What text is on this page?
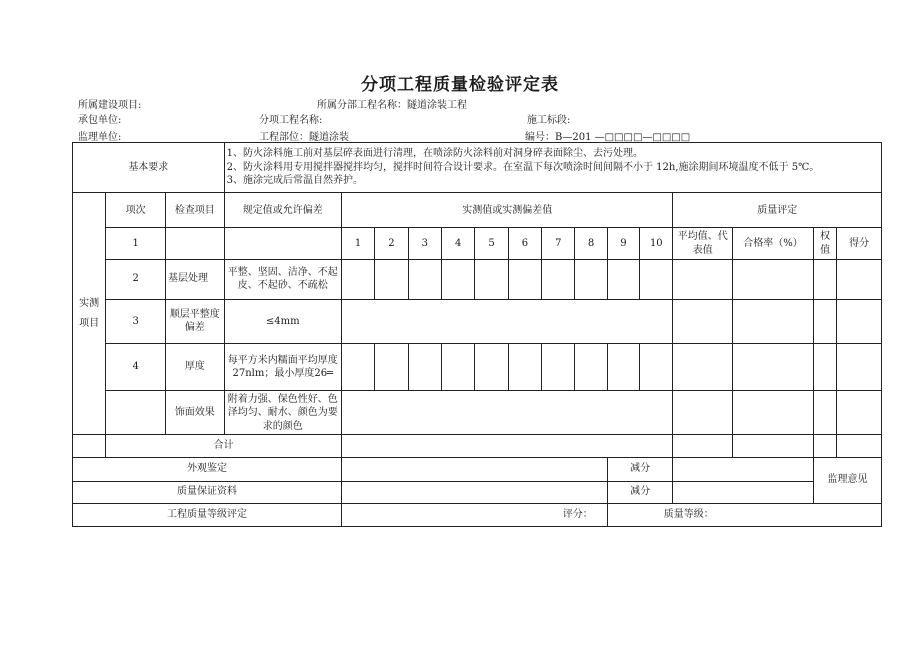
分项工程质量检验评定表
所属建设项目:	所属分部工程名称：隧道涂装工程
承包单位:	分项工程名称:	施工标段:
监理单位:	工程部位：隧道涂装	编号：B—201 —□□□□—□□□□
基本要求			1、防火涂料施工前对基层碎表面进行清理，在喷涂防火涂料前对洞身碎表面除尘、去污处理。
2、防火涂料用专用搅拌器搅拌均匀，搅拌时间符合设计要求。在室温下每次喷涂时间间隔不小于 12h,施涂期间环境温度不低于 5℃。
3、施涂完成后常温自然养护。														

实测
项目	项次	检查项目	规定值或允许偏差	实测值或实测偏差值										质量评定			
	1			1	2	3	4	5	6	7	8	9	10	平均值、代表值	合格率（%）	权值	得分
	2	基层处理	平整、坚固、洁净、不起皮、不起砂、不疏松														
	3	顺层平整度偏差	≤4mm														
	4	厚度	每平方米内糯面平均厚度27nlm；最小厚度26═														
		饰面效果	附着力强、保色性好、色泽均匀、耐水、颜色为要求的颜色														
	合计																
外观鉴定												减分				监理意见	
质量保证资料												减分					
工程质量等级评定				评分：								质量等级：					
